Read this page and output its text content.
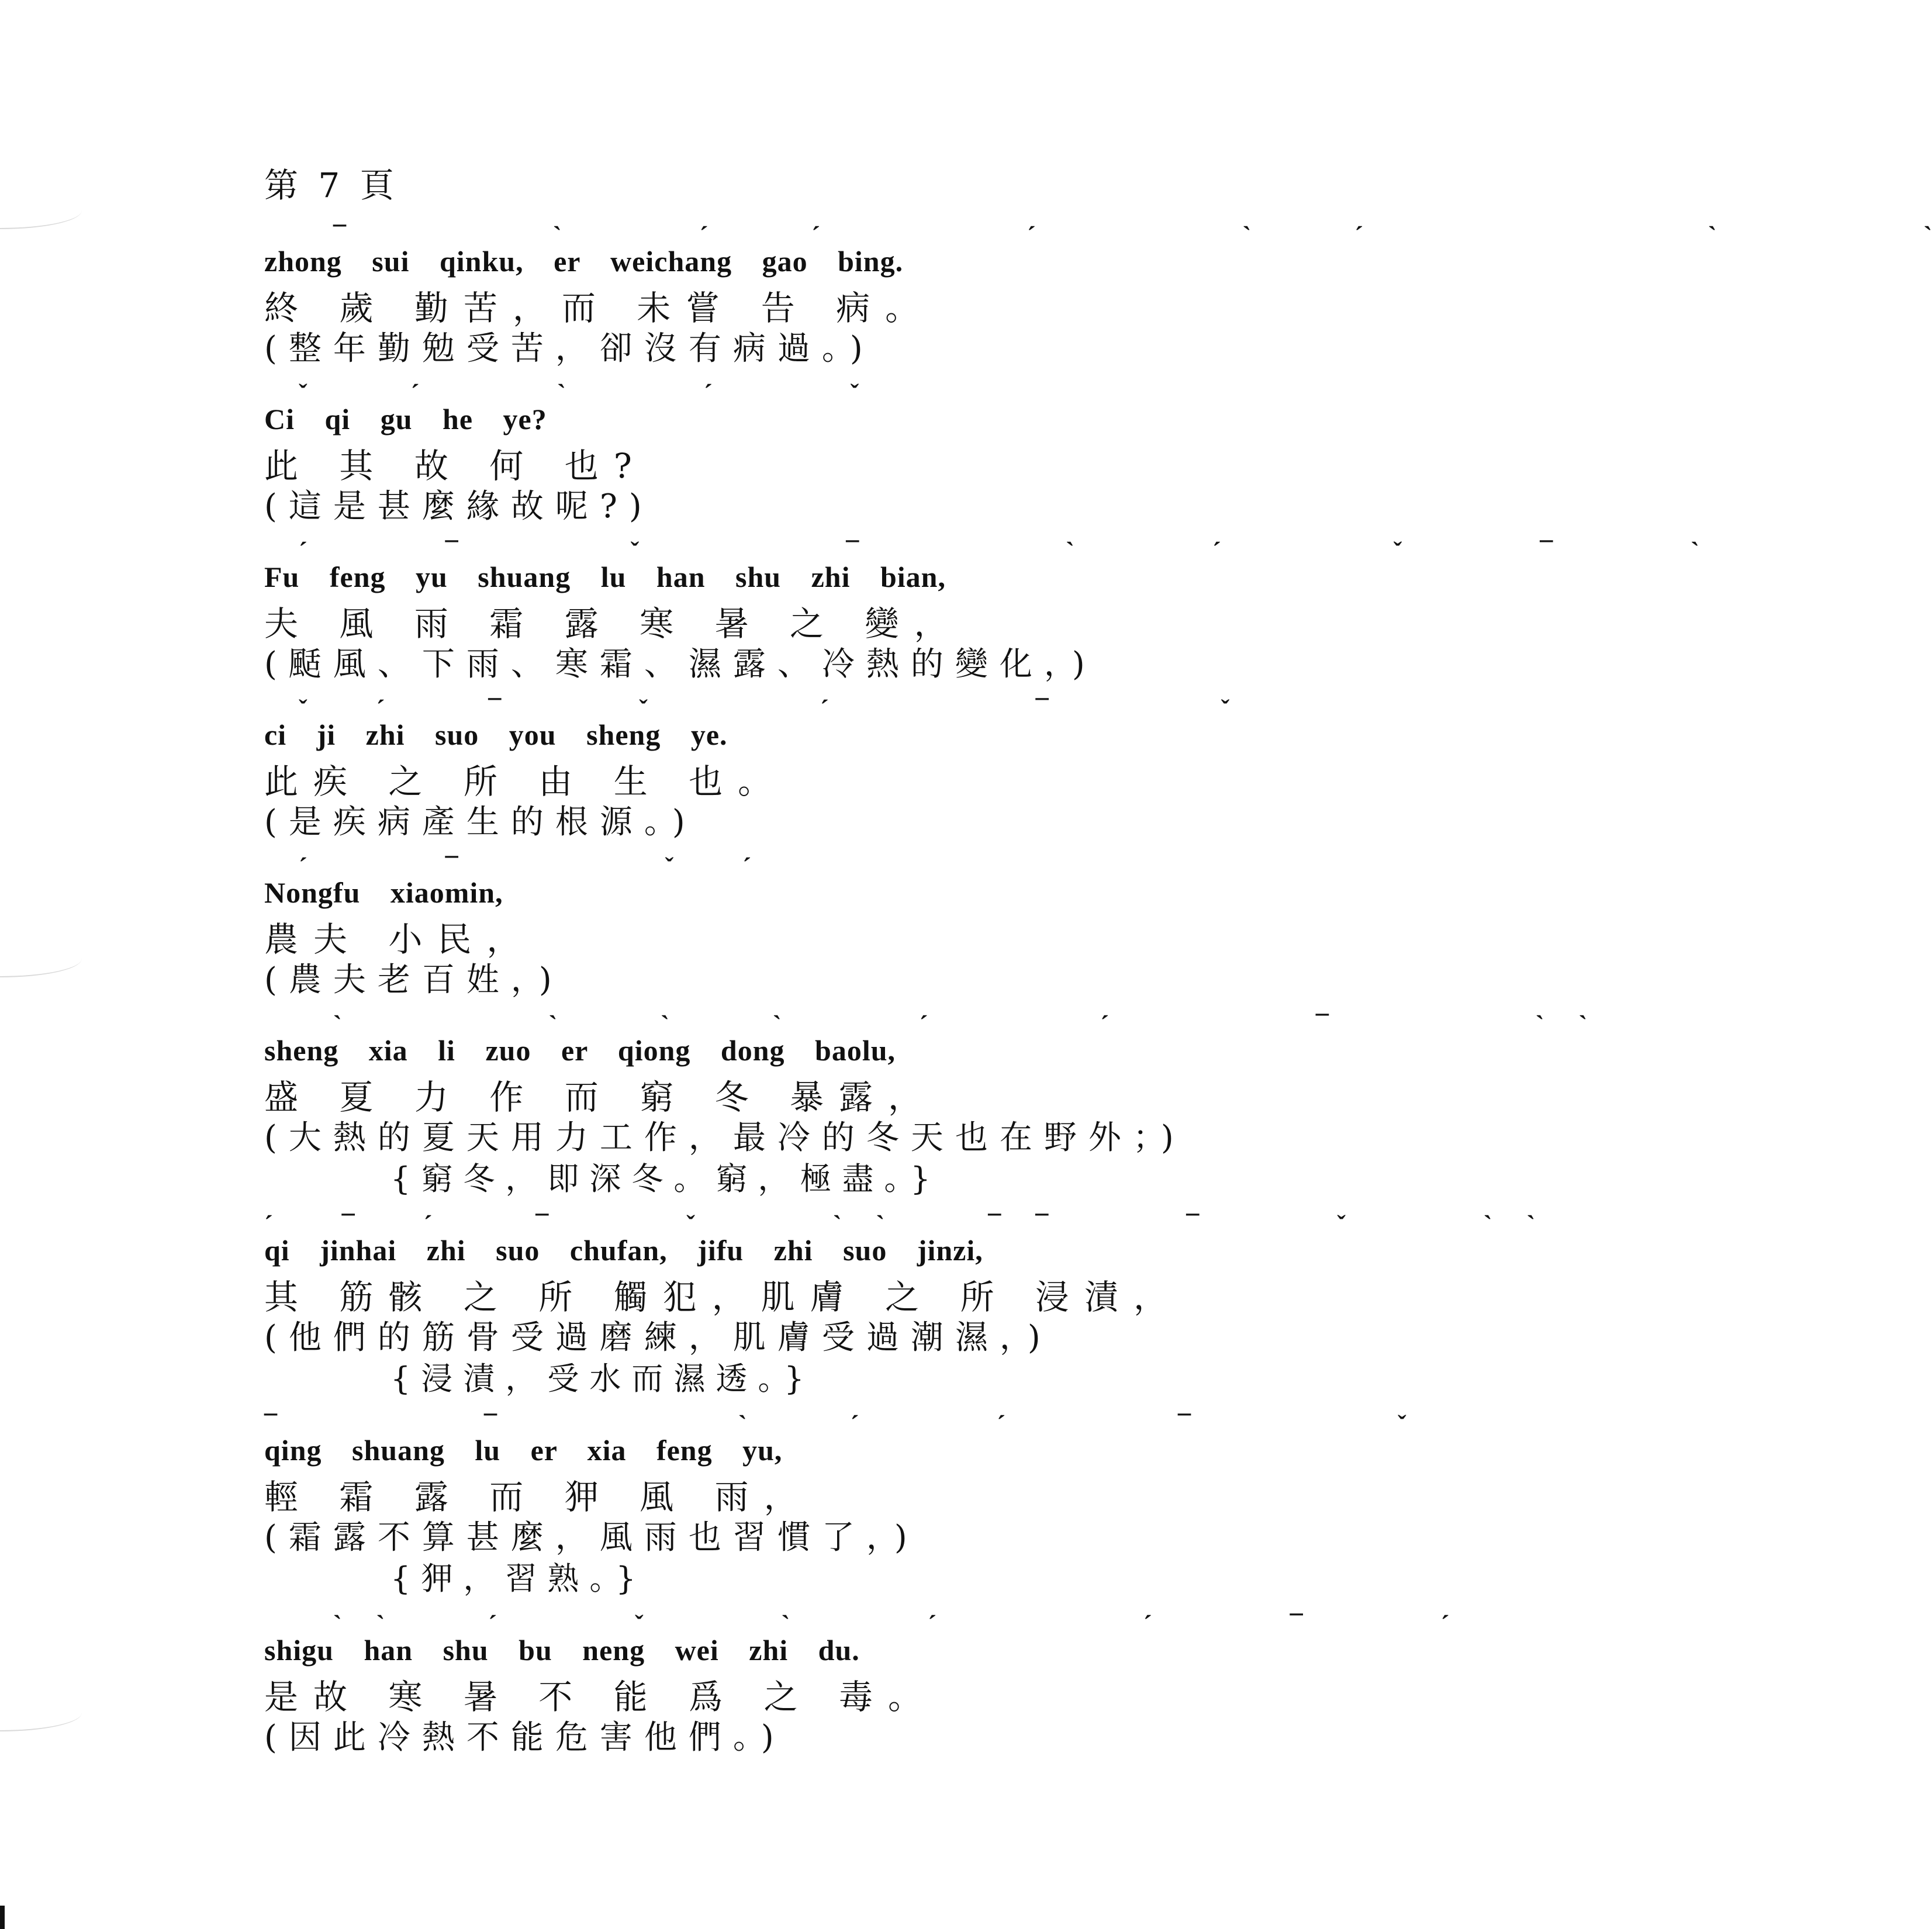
第 7 頁
¯      ˋ    ˊ   ˊ      ˊ      ˋ   ˊ          ˋ      ˋ
zhong sui qinku, er weichang gao bing.
終 歲 勤苦，而 未嘗 告 病。
(整年勤勉受苦，卻沒有病過。)
ˇ   ˊ    ˋ    ˊ    ˇ
Ci qi gu he ye?
此 其 故 何 也?
(這是甚麼緣故呢?)
ˊ    ¯     ˇ      ¯      ˋ    ˊ     ˇ    ¯    ˋ
Fu feng yu shuang lu han shu zhi bian,
夫 風 雨 霜 露 寒 暑 之 變，
(颳風、下雨、寒霜、濕露、冷熱的變化，)
ˇ  ˊ   ¯    ˇ     ˊ      ¯     ˇ
ci ji zhi suo you sheng ye.
此疾 之 所 由 生 也。
(是疾病產生的根源。)
ˊ    ¯      ˇ  ˊ
Nongfu xiaomin,
農夫 小民，
(農夫老百姓，)
ˋ      ˋ   ˋ   ˋ    ˊ     ˊ      ¯      ˋ ˋ
sheng xia li zuo er qiong dong baolu,
盛 夏 力 作 而 窮 冬 暴露，
(大熱的夏天用力工作，最冷的冬天也在野外；)
{窮冬，即深冬。窮，極盡。}
ˊ  ¯  ˊ   ¯    ˇ    ˋ ˋ   ¯ ¯    ¯    ˇ    ˋ ˋ
qi jinhai zhi suo chufan, jifu zhi suo jinzi,
其 筋骸 之 所 觸犯，肌膚 之 所 浸漬，
(他們的筋骨受過磨練，肌膚受過潮濕，)
{浸漬，受水而濕透。}
¯      ¯       ˋ   ˊ    ˊ     ¯      ˇ
qing shuang lu er xia feng yu,
輕 霜 露 而 狎 風 雨，
(霜露不算甚麼，風雨也習慣了，)
{狎，習熟。}
ˋ ˋ   ˊ    ˇ    ˋ    ˊ      ˊ    ¯    ˊ
shigu han shu bu neng wei zhi du.
是故 寒 暑 不 能 爲 之 毒。
(因此冷熱不能危害他們。)
